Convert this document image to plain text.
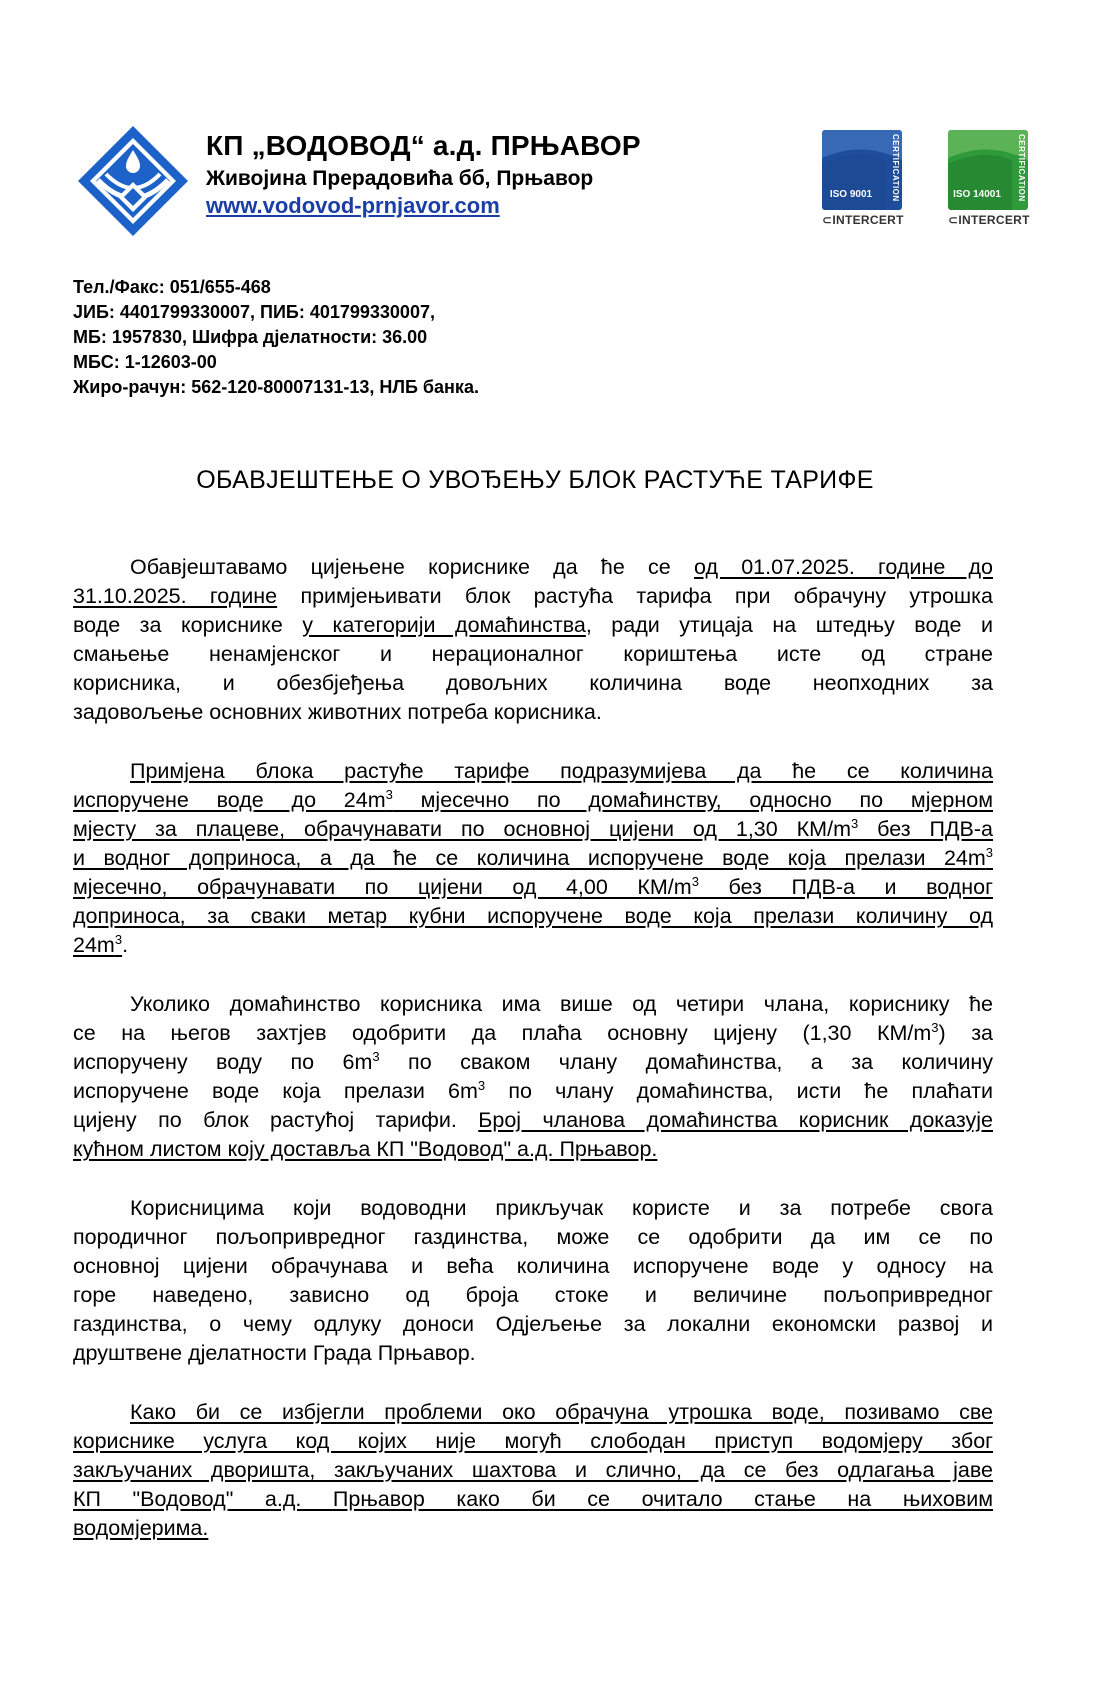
КП „ВОДОВОД“ а.д. ПРЊАВОР
Живојина Прерадовића бб, Прњавор
www.vodovod-prnjavor.com
CERTIFICATION
ISO 9001
⊂INTERCERT
CERTIFICATION
ISO 14001
⊂INTERCERT
Тел./Факс: 051/655-468
ЈИБ: 4401799330007, ПИБ: 401799330007,
МБ: 1957830, Шифра дјелатности: 36.00
МБС: 1-12603-00
Жиро-рачун: 562-120-80007131-13, НЛБ банка.
ОБАВЈЕШТЕЊЕ О УВОЂЕЊУ БЛОК РАСТУЋЕ ТАРИФЕ
Обавјештавамо цијењене кориснике да ће се од 01.07.2025. године до
31.10.2025. године примјењивати блок растућа тарифа при обрачуну утрошка
воде за кориснике у категорији домаћинства, ради утицаја на штедњу воде и
смањење ненамјенског и нерационалног кориштења исте од стране
корисника, и обезбјеђења довољних количина воде неопходних за
задовољење основних животних потреба корисника.
Примјена блока растуће тарифе подразумијева да ће се количина
испоручене воде до $24m^3$ мјесечно по домаћинству, односно по мјерном
мјесту за плацеве, обрачунавати по основној цијени од 1,30 $КМ/m^3$ без ПДВ-а
и водног доприноса, а да ће се количина испоручене воде која прелази $24m^3$
мјесечно, обрачунавати по цијени од 4,00 $КМ/m^3$ без ПДВ-а и водног
доприноса, за сваки метар кубни испоручене воде која прелази количину од
$24m^3$.
Уколико домаћинство корисника има више од четири члана, кориснику ће
се на његов захтјев одобрити да плаћа основну цијену (1,30 $КМ/m^3$) за
испоручену воду по $6m^3$ по сваком члану домаћинства, а за количину
испоручене воде која прелази $6m^3$ по члану домаћинства, исти ће плаћати
цијену по блок растућој тарифи. Број чланова домаћинства корисник доказује
кућном листом коју доставља КП "Водовод" а.д. Прњавор.
Корисницима који водоводни прикључак користе и за потребе свога
породичног пољопривредног газдинства, може се одобрити да им се по
основној цијени обрачунава и већа количина испоручене воде у односу на
горе наведено, зависно од броја стоке и величине пољопривредног
газдинства, о чему одлуку доноси Одјељење за локални економски развој и
друштвене дјелатности Града Прњавор.
Како би се избјегли проблеми око обрачуна утрошка воде, позивамо све
кориснике услуга код којих није могућ слободан приступ водомјеру због
закључаних дворишта, закључаних шахтова и слично, да се без одлагања јаве
КП "Водовод" а.д. Прњавор како би се очитало стање на њиховим
водомјерима.
